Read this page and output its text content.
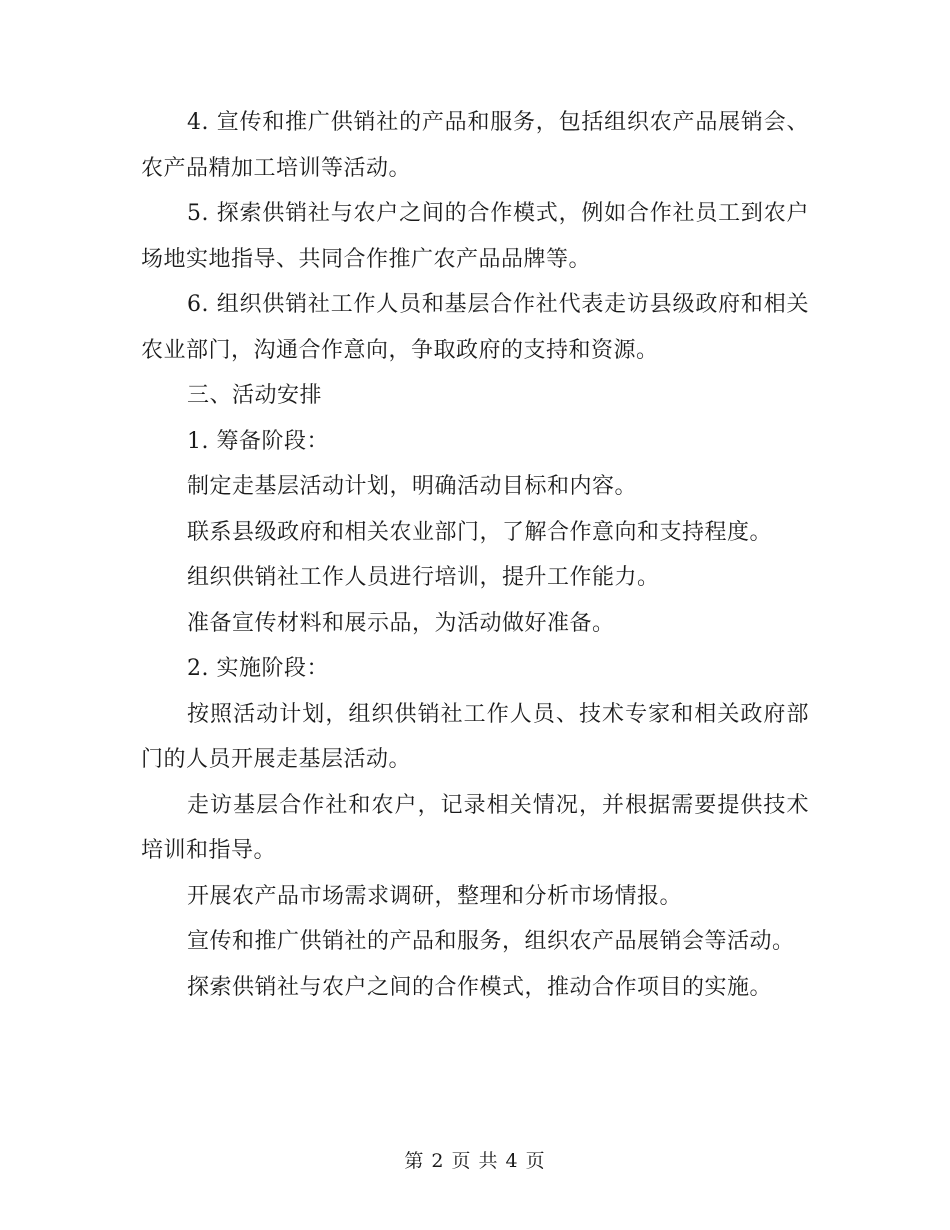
4. 宣传和推广供销社的产品和服务，包括组织农产品展销会、农产品精加工培训等活动。

5. 探索供销社与农户之间的合作模式，例如合作社员工到农户场地实地指导、共同合作推广农产品品牌等。

6. 组织供销社工作人员和基层合作社代表走访县级政府和相关农业部门，沟通合作意向，争取政府的支持和资源。

三、活动安排

1. 筹备阶段：

制定走基层活动计划，明确活动目标和内容。

联系县级政府和相关农业部门，了解合作意向和支持程度。

组织供销社工作人员进行培训，提升工作能力。

准备宣传材料和展示品，为活动做好准备。

2. 实施阶段：

按照活动计划，组织供销社工作人员、技术专家和相关政府部门的人员开展走基层活动。

走访基层合作社和农户，记录相关情况，并根据需要提供技术培训和指导。

开展农产品市场需求调研，整理和分析市场情报。

宣传和推广供销社的产品和服务，组织农产品展销会等活动。

探索供销社与农户之间的合作模式，推动合作项目的实施。

第 2 页 共 4 页
